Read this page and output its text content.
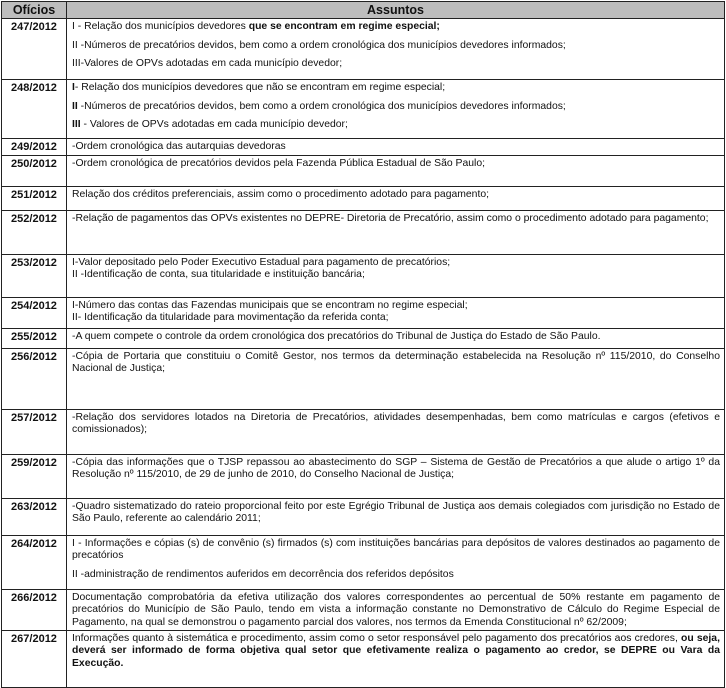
Ofícios	Assuntos
247/2012	I - Relação dos municípios devedores que se encontram em regime especial;
II -Números de precatórios devidos, bem como a ordem cronológica dos municípios devedores informados;
III-Valores de OPVs adotadas em cada município devedor;

248/2012	I- Relação dos municípios devedores que não se encontram em regime especial;
II -Números de precatórios devidos, bem como a ordem cronológica dos municípios devedores informados;
III - Valores de OPVs adotadas em cada município devedor;

249/2012	-Ordem cronológica das autarquias devedoras

250/2012	-Ordem cronológica de precatórios devidos pela Fazenda Pública Estadual de São Paulo;

251/2012	Relação dos créditos preferenciais, assim como o procedimento adotado para pagamento;

252/2012	-Relação de pagamentos das OPVs existentes no DEPRE- Diretoria de Precatório, assim como o procedimento adotado para pagamento;

253/2012	I-Valor depositado pelo Poder Executivo Estadual para pagamento de precatórios;
II -Identificação de conta, sua titularidade e instituição bancária;

254/2012	I-Número das contas das Fazendas municipais que se encontram no regime especial;
II- Identificação da titularidade para movimentação da referida conta;

255/2012	-A quem compete o controle da ordem cronológica dos precatórios do Tribunal de Justiça do Estado de São Paulo.

256/2012	-Cópia de Portaria que constituiu o Comitê Gestor, nos termos da determinação estabelecida na Resolução nº 115/2010, do Conselho Nacional de Justiça;

257/2012	-Relação dos servidores lotados na Diretoria de Precatórios, atividades desempenhadas, bem como matrículas e cargos (efetivos e comissionados);

259/2012	-Cópia das informações que o TJSP repassou ao abastecimento do SGP – Sistema de Gestão de Precatórios a que alude o artigo 1º da Resolução nº 115/2010, de 29 de junho de 2010, do Conselho Nacional de Justiça;

263/2012	-Quadro sistematizado do rateio proporcional feito por este Egrégio Tribunal de Justiça aos demais colegiados com jurisdição no Estado de São Paulo, referente ao calendário 2011;

264/2012	I - Informações e cópias (s) de convênio (s) firmados (s) com instituições bancárias para depósitos de valores destinados ao pagamento de precatórios
II -administração de rendimentos auferidos em decorrência dos referidos depósitos

266/2012	Documentação comprobatória da efetiva utilização dos valores correspondentes ao percentual de 50% restante em pagamento de precatórios do Município de São Paulo, tendo em vista a informação constante no Demonstrativo de Cálculo do Regime Especial de Pagamento, na qual se demonstrou o pagamento parcial dos valores, nos termos da Emenda Constitucional nº 62/2009;

267/2012	Informações quanto à sistemática e procedimento, assim como o setor responsável pelo pagamento dos precatórios aos credores, ou seja, deverá ser informado de forma objetiva qual setor que efetivamente realiza o pagamento ao credor, se DEPRE ou Vara da Execução.
